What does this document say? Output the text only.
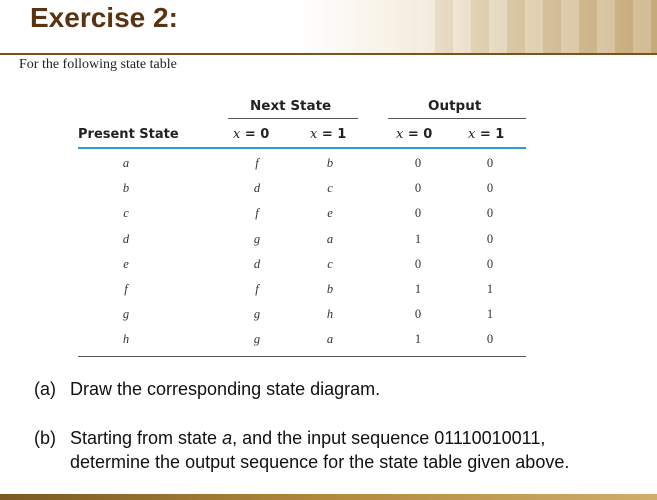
Exercise 2:
For the following state table
Next State	Output
Present State	x = 0	x = 1	x = 0	x = 1
a	f	b	0	0
b	d	c	0	0
c	f	e	0	0
d	g	a	1	0
e	d	c	0	0
f	f	b	1	1
g	g	h	0	1
h	g	a	1	0
(a) Draw the corresponding state diagram.
(b) Starting from state a, and the input sequence 01110010011,
determine the output sequence for the state table given above.
